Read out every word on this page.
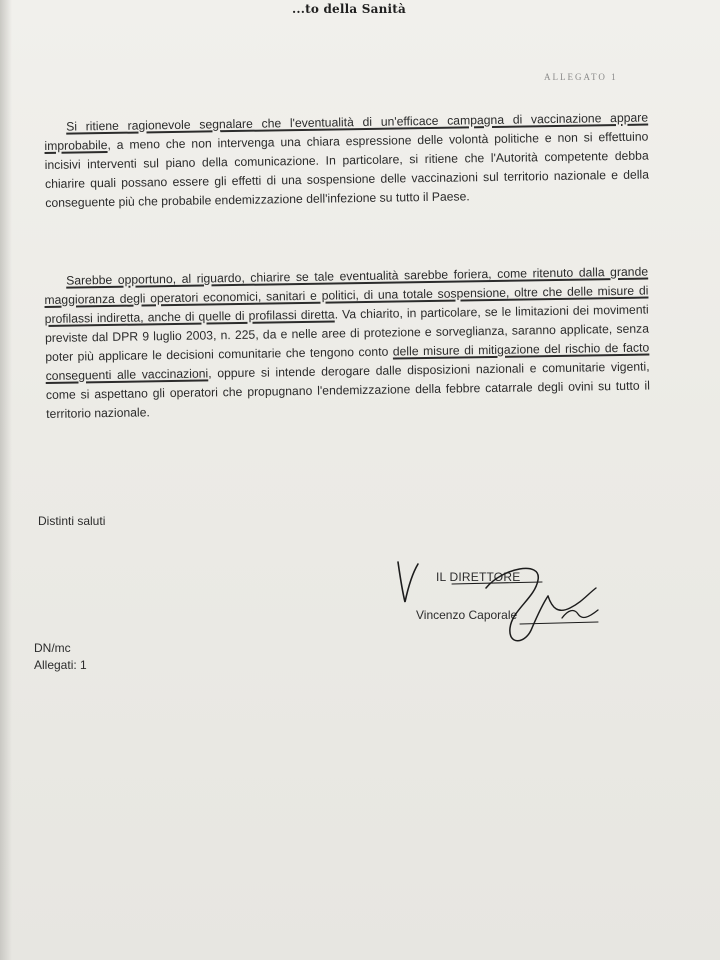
...to della Sanità
ALLEGATO 1

Si ritiene ragionevole segnalare che l'eventualità di un'efficace campagna di vaccinazione appare improbabile, a meno che non intervenga una chiara espressione delle volontà politiche e non si effettuino incisivi interventi sul piano della comunicazione. In particolare, si ritiene che l'Autorità competente debba chiarire quali possano essere gli effetti di una sospensione delle vaccinazioni sul territorio nazionale e della conseguente più che probabile endemizzazione dell'infezione su tutto il Paese.

Sarebbe opportuno, al riguardo, chiarire se tale eventualità sarebbe foriera, come ritenuto dalla grande maggioranza degli operatori economici, sanitari e politici, di una totale sospensione, oltre che delle misure di profilassi indiretta, anche di quelle di profilassi diretta. Va chiarito, in particolare, se le limitazioni dei movimenti previste dal DPR 9 luglio 2003, n. 225, da e nelle aree di protezione e sorveglianza, saranno applicate, senza poter più applicare le decisioni comunitarie che tengono conto delle misure di mitigazione del rischio de facto conseguenti alle vaccinazioni, oppure si intende derogare dalle disposizioni nazionali e comunitarie vigenti, come si aspettano gli operatori che propugnano l'endemizzazione della febbre catarrale degli ovini su tutto il territorio nazionale.

Distinti saluti
IL DIRETTORE
Vincenzo Caporale
DN/mc
Allegati: 1
